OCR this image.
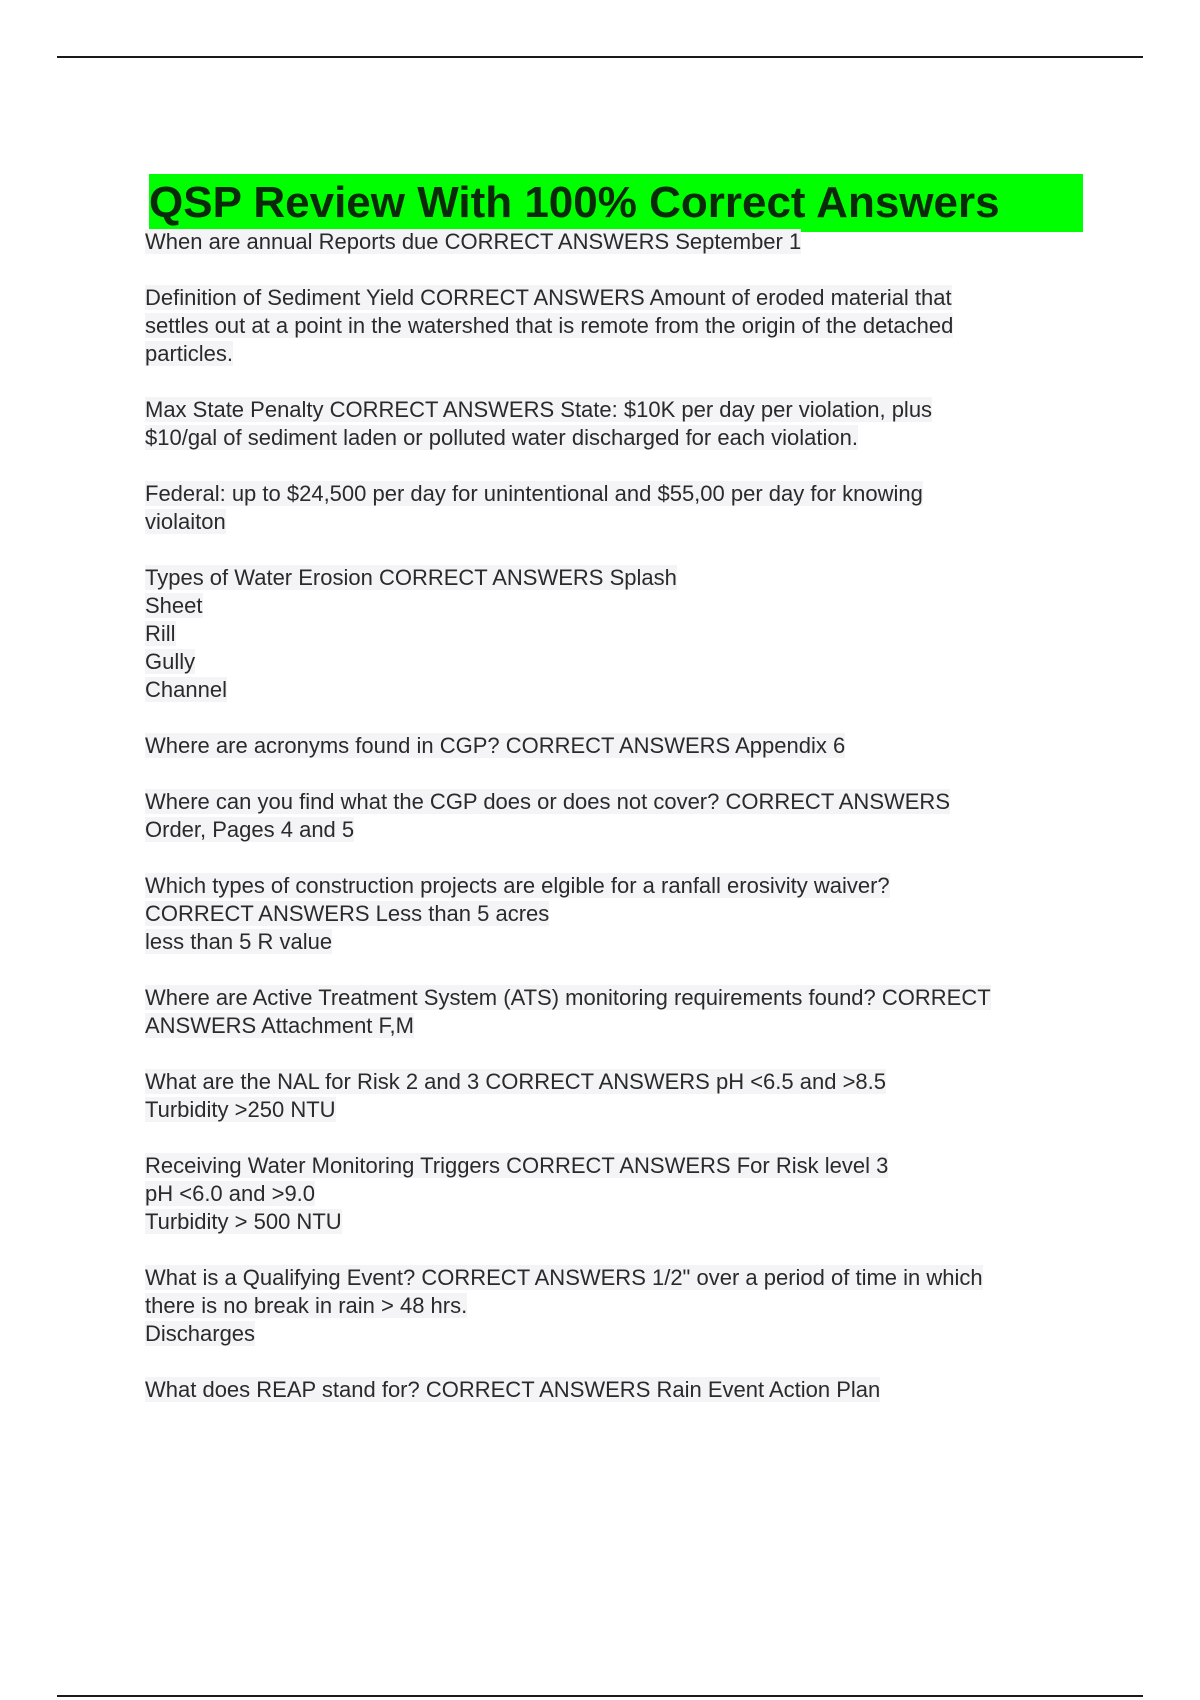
QSP Review With 100% Correct Answers
When are annual Reports due CORRECT ANSWERS September 1
Definition of Sediment Yield CORRECT ANSWERS Amount of eroded material that
settles out at a point in the watershed that is remote from the origin of the detached
particles.
Max State Penalty CORRECT ANSWERS State: $10K per day per violation, plus
$10/gal of sediment laden or polluted water discharged for each violation.
Federal: up to $24,500 per day for unintentional and $55,00 per day for knowing
violaiton
Types of Water Erosion CORRECT ANSWERS Splash
Sheet
Rill
Gully
Channel
Where are acronyms found in CGP? CORRECT ANSWERS Appendix 6
Where can you find what the CGP does or does not cover? CORRECT ANSWERS
Order, Pages 4 and 5
Which types of construction projects are elgible for a ranfall erosivity waiver?
CORRECT ANSWERS Less than 5 acres
less than 5 R value
Where are Active Treatment System (ATS) monitoring requirements found? CORRECT
ANSWERS Attachment F,M
What are the NAL for Risk 2 and 3 CORRECT ANSWERS pH <6.5 and >8.5
Turbidity >250 NTU
Receiving Water Monitoring Triggers CORRECT ANSWERS For Risk level 3
pH <6.0 and >9.0
Turbidity > 500 NTU
What is a Qualifying Event? CORRECT ANSWERS 1/2" over a period of time in which
there is no break in rain > 48 hrs.
Discharges
What does REAP stand for? CORRECT ANSWERS Rain Event Action Plan
